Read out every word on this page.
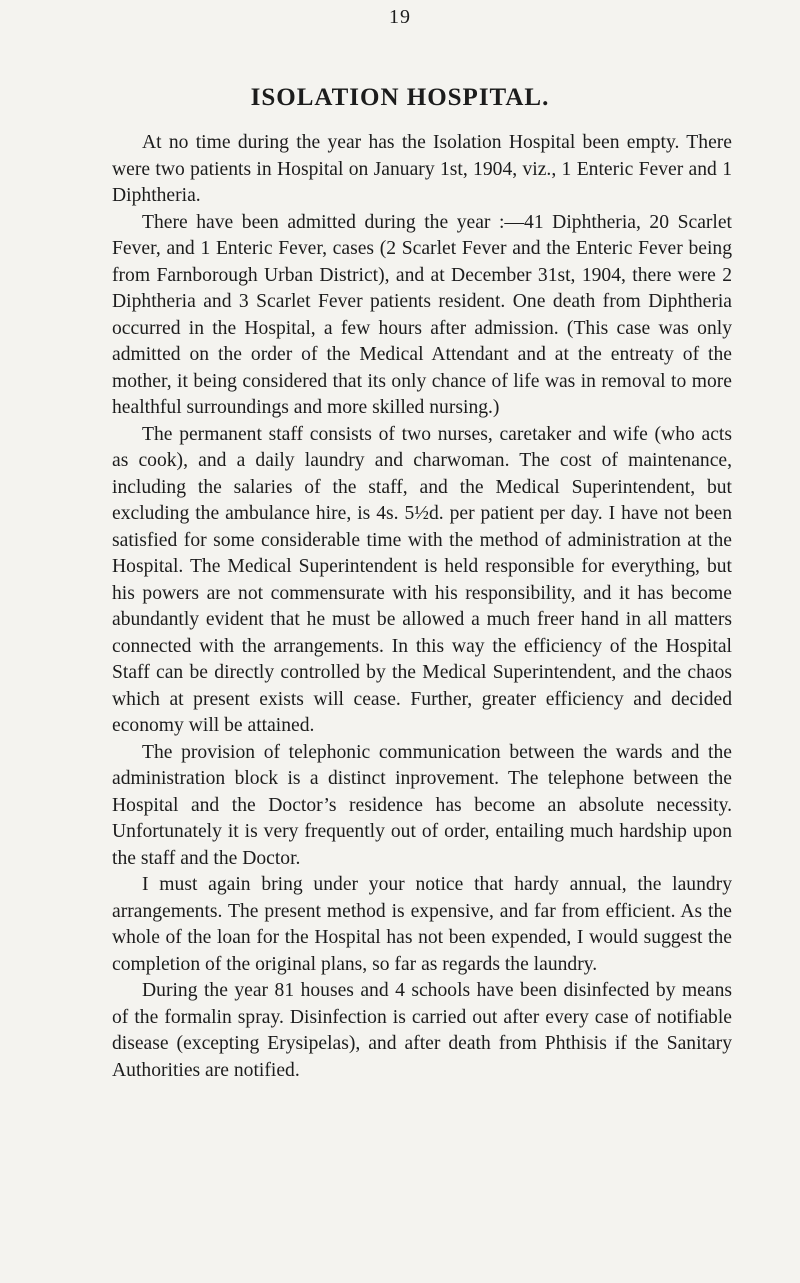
19
ISOLATION HOSPITAL.

At no time during the year has the Isolation Hospital been empty. There were two patients in Hospital on January 1st, 1904, viz., 1 Enteric Fever and 1 Diphtheria.

There have been admitted during the year :—41 Diphtheria, 20 Scarlet Fever, and 1 Enteric Fever, cases (2 Scarlet Fever and the Enteric Fever being from Farnborough Urban District), and at December 31st, 1904, there were 2 Diphtheria and 3 Scarlet Fever patients resident. One death from Diphtheria occurred in the Hospital, a few hours after admission. (This case was only admitted on the order of the Medical Attendant and at the entreaty of the mother, it being considered that its only chance of life was in removal to more healthful surroundings and more skilled nursing.)

The permanent staff consists of two nurses, caretaker and wife (who acts as cook), and a daily laundry and charwoman. The cost of maintenance, including the salaries of the staff, and the Medical Superintendent, but excluding the ambulance hire, is 4s. 5½d. per patient per day. I have not been satisfied for some considerable time with the method of administration at the Hospital. The Medical Superintendent is held responsible for everything, but his powers are not commensurate with his responsibility, and it has become abundantly evident that he must be allowed a much freer hand in all matters connected with the arrangements. In this way the efficiency of the Hospital Staff can be directly controlled by the Medical Superintendent, and the chaos which at present exists will cease. Further, greater efficiency and decided economy will be attained.

The provision of telephonic communication between the wards and the administration block is a distinct inprovement. The telephone between the Hospital and the Doctor’s residence has become an absolute necessity. Unfortunately it is very frequently out of order, entailing much hardship upon the staff and the Doctor.

I must again bring under your notice that hardy annual, the laundry arrangements. The present method is expensive, and far from efficient. As the whole of the loan for the Hospital has not been expended, I would suggest the completion of the original plans, so far as regards the laundry.

During the year 81 houses and 4 schools have been disinfected by means of the formalin spray. Disinfection is carried out after every case of notifiable disease (excepting Erysipelas), and after death from Phthisis if the Sanitary Authorities are notified.
